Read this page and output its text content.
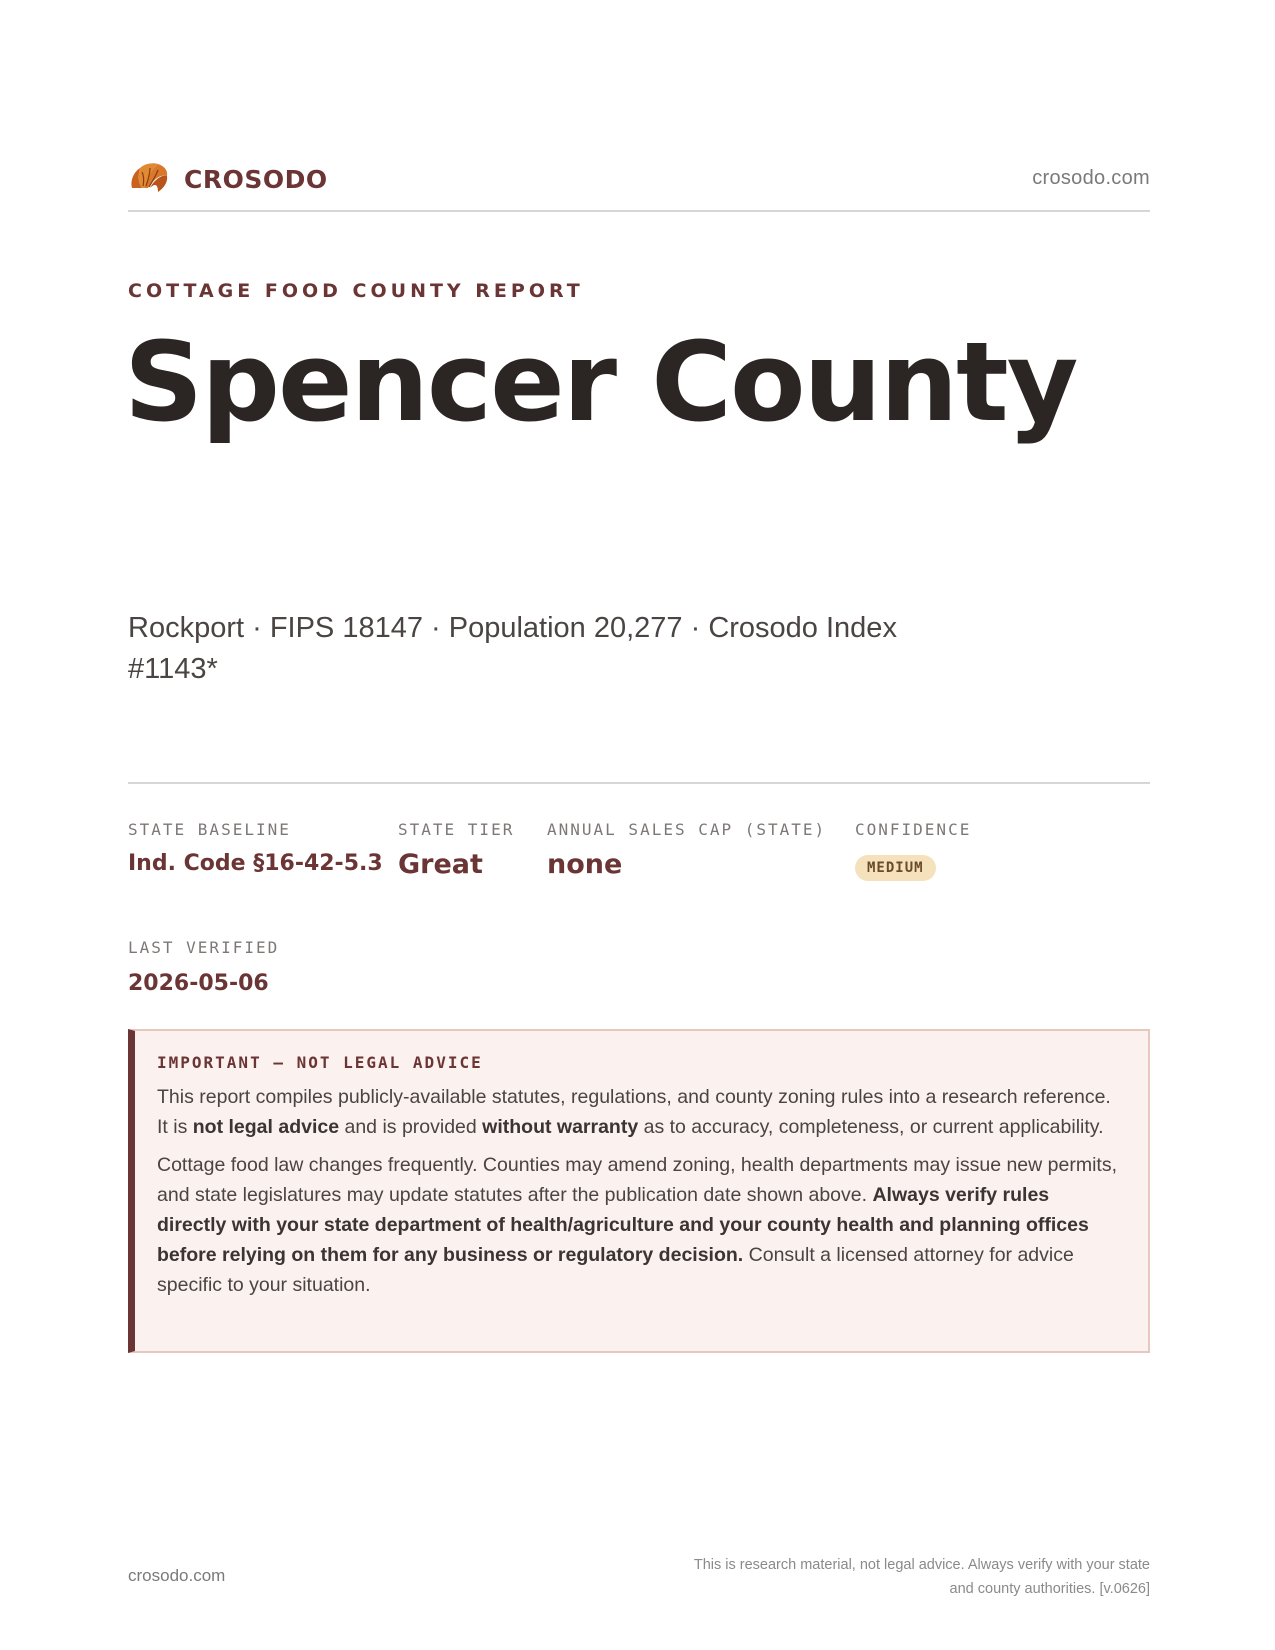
CROSODO	crosodo.com
COTTAGE FOOD COUNTY REPORT
Spencer County
Rockport · FIPS 18147 · Population 20,277 · Crosodo Index #1143*
STATE BASELINE
Ind. Code §16-42-5.3
STATE TIER
Great
ANNUAL SALES CAP (STATE)
none
CONFIDENCE
MEDIUM
LAST VERIFIED
2026-05-06
IMPORTANT — NOT LEGAL ADVICE

This report compiles publicly-available statutes, regulations, and county zoning rules into a research reference. It is not legal advice and is provided without warranty as to accuracy, completeness, or current applicability.

Cottage food law changes frequently. Counties may amend zoning, health departments may issue new permits, and state legislatures may update statutes after the publication date shown above. Always verify rules directly with your state department of health/agriculture and your county health and planning offices before relying on them for any business or regulatory decision. Consult a licensed attorney for advice specific to your situation.

crosodo.com
This is research material, not legal advice. Always verify with your state
and county authorities. [v.0626]
